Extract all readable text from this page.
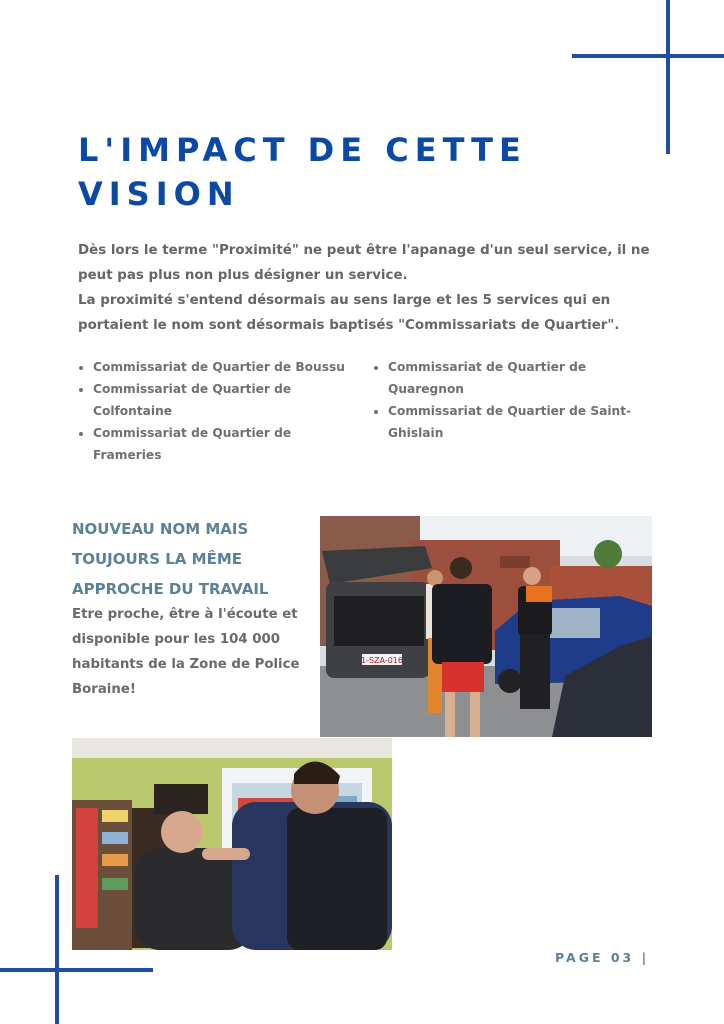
L'IMPACT DE CETTE
VISION

Dès lors le terme "Proximité" ne peut être l'apanage d'un seul service, il ne peut pas plus non plus désigner un service.

La proximité s'entend désormais au sens large et les 5 services qui en portaient le nom sont désormais baptisés "Commissariats de Quartier".

• Commissariat de Quartier de Boussu
• Commissariat de Quartier de Colfontaine
• Commissariat de Quartier de Frameries
• Commissariat de Quartier de Quaregnon
• Commissariat de Quartier de Saint-Ghislain
NOUVEAU NOM MAIS TOUJOURS LA MÊME APPROCHE DU TRAVAIL

Etre proche, être à l'écoute et disponible pour les 104 000 habitants de la Zone de Police Boraine!

1-SZA-016
PAGE 03 |
